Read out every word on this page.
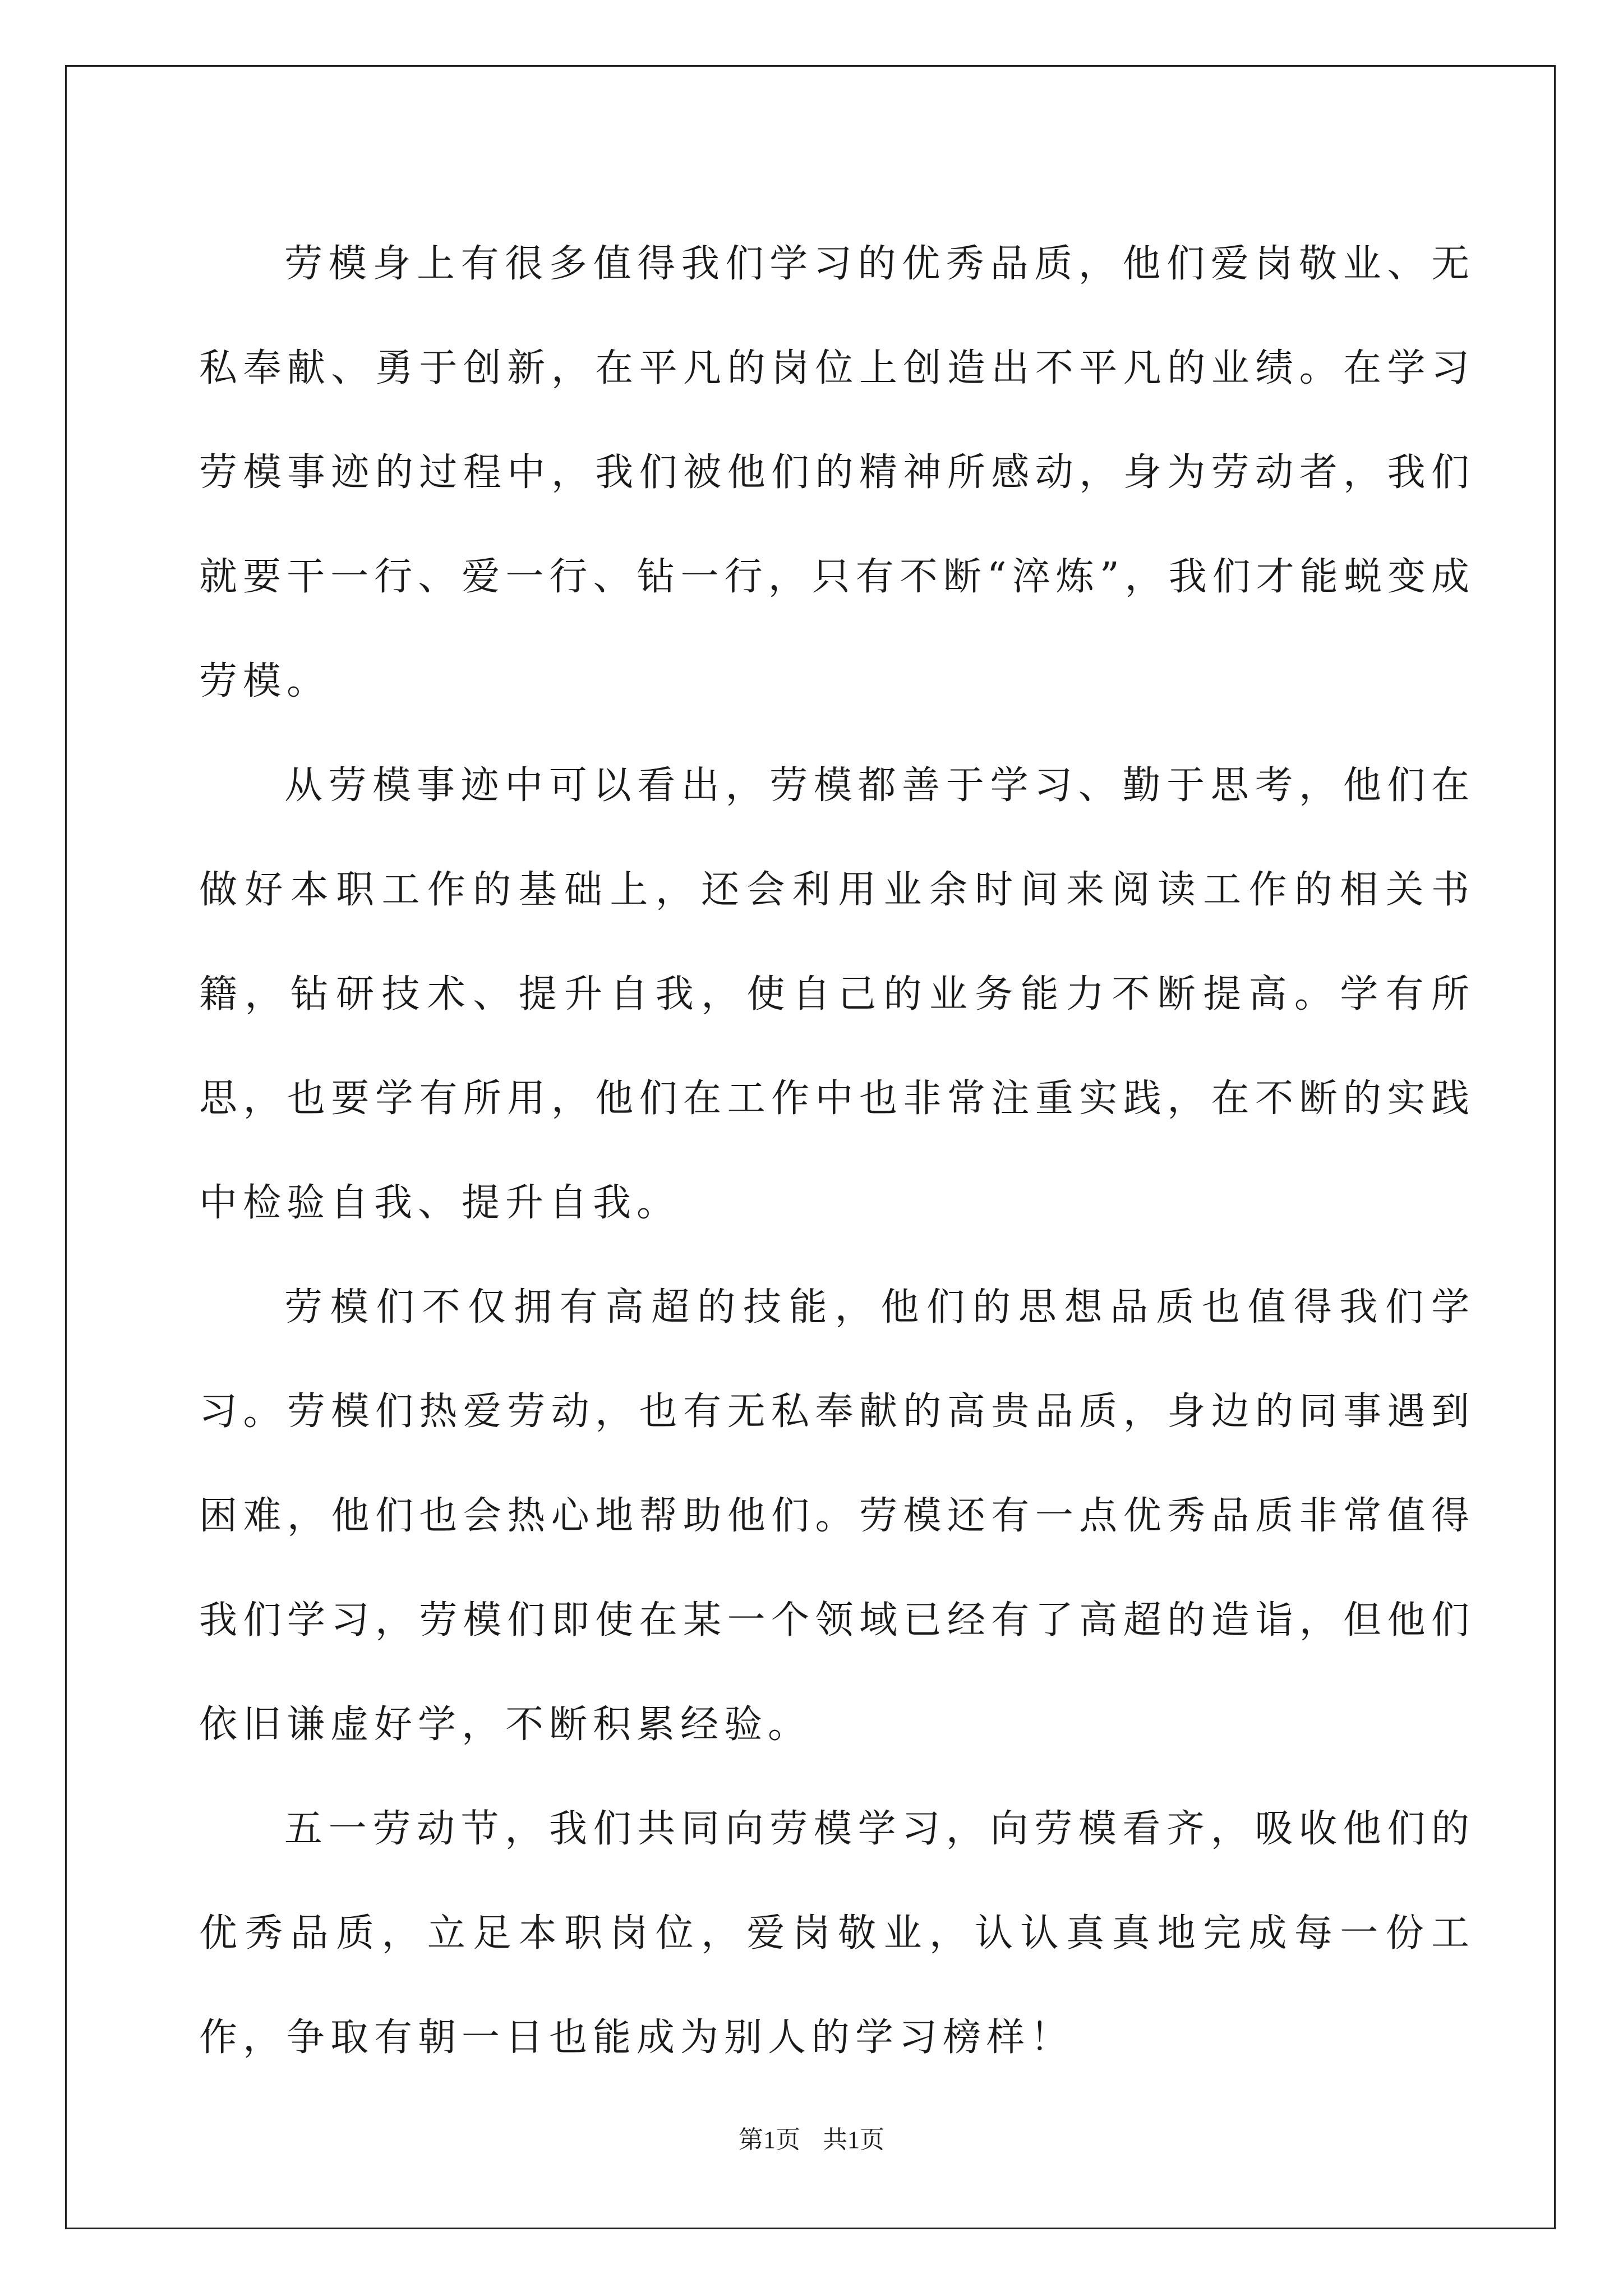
劳模身上有很多值得我们学习的优秀品质，他们爱岗敬业、无私奉献、勇于创新，在平凡的岗位上创造出不平凡的业绩。在学习劳模事迹的过程中，我们被他们的精神所感动，身为劳动者，我们就要干一行、爱一行、钻一行，只有不断“淬炼”，我们才能蜕变成劳模。

从劳模事迹中可以看出，劳模都善于学习、勤于思考，他们在做好本职工作的基础上，还会利用业余时间来阅读工作的相关书籍，钻研技术、提升自我，使自己的业务能力不断提高。学有所思，也要学有所用，他们在工作中也非常注重实践，在不断的实践中检验自我、提升自我。

劳模们不仅拥有高超的技能，他们的思想品质也值得我们学习。劳模们热爱劳动，也有无私奉献的高贵品质，身边的同事遇到困难，他们也会热心地帮助他们。劳模还有一点优秀品质非常值得我们学习，劳模们即使在某一个领域已经有了高超的造诣，但他们依旧谦虚好学，不断积累经验。

五一劳动节，我们共同向劳模学习，向劳模看齐，吸收他们的优秀品质，立足本职岗位，爱岗敬业，认认真真地完成每一份工作，争取有朝一日也能成为别人的学习榜样！

第1页 共1页
